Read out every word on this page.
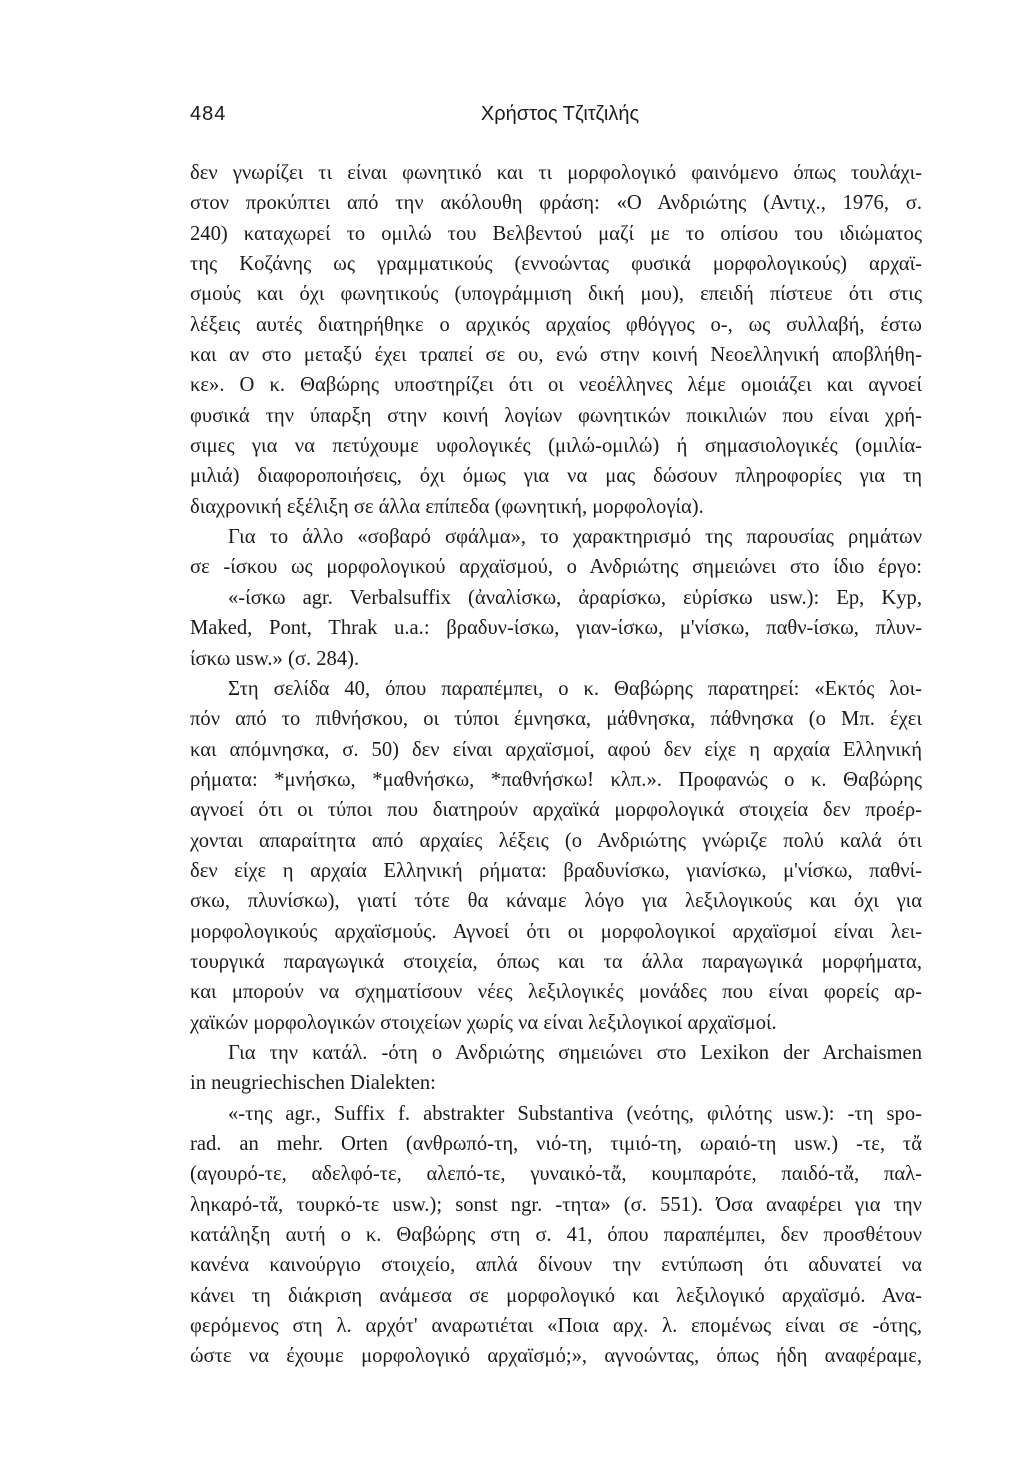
484	Χρήστος Τζιτζιλής
δεν γνωρίζει τι είναι φωνητικό και τι μορφολογικό φαινόμενο όπως τουλάχι-
στον προκύπτει από την ακόλουθη φράση: «Ο Ανδριώτης (Αντιχ., 1976, σ.
240) καταχωρεί το ομιλώ του Βελβεντού μαζί με το οπίσου του ιδιώματος
της Κοζάνης ως γραμματικούς (εννοώντας φυσικά μορφολογικούς) αρχαϊ-
σμούς και όχι φωνητικούς (υπογράμμιση δική μου), επειδή πίστευε ότι στις
λέξεις αυτές διατηρήθηκε ο αρχικός αρχαίος φθόγγος ο-, ως συλλαβή, έστω
και αν στο μεταξύ έχει τραπεί σε ου, ενώ στην κοινή Νεοελληνική αποβλήθη-
κε». Ο κ. Θαβώρης υποστηρίζει ότι οι νεοέλληνες λέμε ομοιάζει και αγνοεί
φυσικά την ύπαρξη στην κοινή λογίων φωνητικών ποικιλιών που είναι χρή-
σιμες για να πετύχουμε υφολογικές (μιλώ-ομιλώ) ή σημασιολογικές (ομιλία-
μιλιά) διαφοροποιήσεις, όχι όμως για να μας δώσουν πληροφορίες για τη
διαχρονική εξέλιξη σε άλλα επίπεδα (φωνητική, μορφολογία).
Για το άλλο «σοβαρό σφάλμα», το χαρακτηρισμό της παρουσίας ρημάτων
σε -ίσκου ως μορφολογικού αρχαϊσμού, ο Ανδριώτης σημειώνει στο ίδιο έργο:
«-ίσκω agr. Verbalsuffix (ἀναλίσκω, ἀραρίσκω, εὑρίσκω usw.): Ep, Kyp,
Maked, Pont, Thrak u.a.: βραδυν-ίσκω, γιαν-ίσκω, μ'νίσκω, παθν-ίσκω, πλυν-
ίσκω usw.» (σ. 284).
Στη σελίδα 40, όπου παραπέμπει, ο κ. Θαβώρης παρατηρεί: «Εκτός λοι-
πόν από το πιθνήσκου, οι τύποι έμνησκα, μάθνησκα, πάθνησκα (ο Μπ. έχει
και απόμνησκα, σ. 50) δεν είναι αρχαϊσμοί, αφού δεν είχε η αρχαία Ελληνική
ρήματα: *μνήσκω, *μαθνήσκω, *παθνήσκω! κλπ.». Προφανώς ο κ. Θαβώρης
αγνοεί ότι οι τύποι που διατηρούν αρχαϊκά μορφολογικά στοιχεία δεν προέρ-
χονται απαραίτητα από αρχαίες λέξεις (ο Ανδριώτης γνώριζε πολύ καλά ότι
δεν είχε η αρχαία Ελληνική ρήματα: βραδυνίσκω, γιανίσκω, μ'νίσκω, παθνί-
σκω, πλυνίσκω), γιατί τότε θα κάναμε λόγο για λεξιλογικούς και όχι για
μορφολογικούς αρχαϊσμούς. Αγνοεί ότι οι μορφολογικοί αρχαϊσμοί είναι λει-
τουργικά παραγωγικά στοιχεία, όπως και τα άλλα παραγωγικά μορφήματα,
και μπορούν να σχηματίσουν νέες λεξιλογικές μονάδες που είναι φορείς αρ-
χαϊκών μορφολογικών στοιχείων χωρίς να είναι λεξιλογικοί αρχαϊσμοί.
Για την κατάλ. -ότη ο Ανδριώτης σημειώνει στο Lexikon der Archaismen
in neugriechischen Dialekten:
«-της agr., Suffix f. abstrakter Substantiva (νεότης, φιλότης usw.): -τη spo-
rad. an mehr. Orten (ανθρωπό-τη, νιό-τη, τιμιό-τη, ωραιό-τη usw.) -τε, τἄ
(αγουρό-τε, αδελφό-τε, αλεπό-τε, γυναικό-τἄ, κουμπαρότε, παιδό-τἄ, παλ-
ληκαρό-τἄ, τουρκό-τε usw.); sonst ngr. -τητα» (σ. 551). Όσα αναφέρει για την
κατάληξη αυτή ο κ. Θαβώρης στη σ. 41, όπου παραπέμπει, δεν προσθέτουν
κανένα καινούργιο στοιχείο, απλά δίνουν την εντύπωση ότι αδυνατεί να
κάνει τη διάκριση ανάμεσα σε μορφολογικό και λεξιλογικό αρχαϊσμό. Ανα-
φερόμενος στη λ. αρχότ' αναρωτιέται «Ποια αρχ. λ. επομένως είναι σε -ότης,
ώστε να έχουμε μορφολογικό αρχαϊσμό;», αγνοώντας, όπως ήδη αναφέραμε,
